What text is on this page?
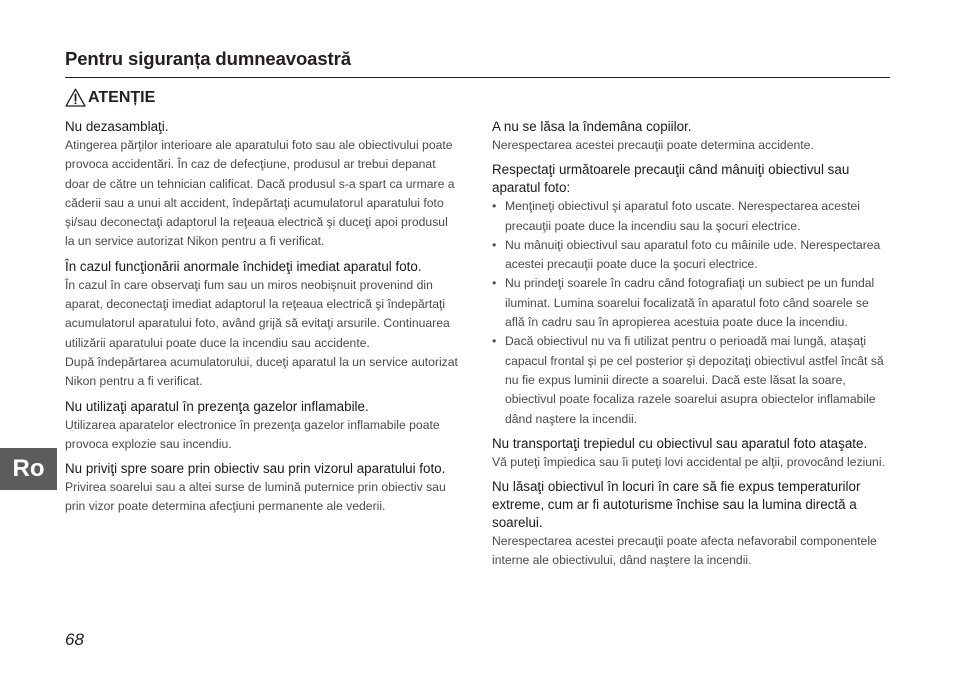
Pentru siguranța dumneavoastră
ATENȚIE
Nu dezasamblaţi.
Atingerea părţilor interioare ale aparatului foto sau ale obiectivului poate provoca accidentări. În caz de defecţiune, produsul ar trebui depanat doar de către un tehnician calificat. Dacă produsul s-a spart ca urmare a căderii sau a unui alt accident, îndepărtaţi acumulatorul aparatului foto şi/sau deconectaţi adaptorul la reţeaua electrică şi duceţi apoi produsul la un service autorizat Nikon pentru a fi verificat.
În cazul funcţionării anormale închideţi imediat aparatul foto.
În cazul în care observaţi fum sau un miros neobişnuit provenind din aparat, deconectaţi imediat adaptorul la reţeaua electrică şi îndepărtaţi acumulatorul aparatului foto, având grijă să evitaţi arsurile. Continuarea utilizării aparatului poate duce la incendiu sau accidente.
După îndepărtarea acumulatorului, duceţi aparatul la un service autorizat Nikon pentru a fi verificat.
Nu utilizaţi aparatul în prezenţa gazelor inflamabile.
Utilizarea aparatelor electronice în prezenţa gazelor inflamabile poate provoca explozie sau incendiu.
Nu priviţi spre soare prin obiectiv sau prin vizorul aparatului foto.
Privirea soarelui sau a altei surse de lumină puternice prin obiectiv sau prin vizor poate determina afecţiuni permanente ale vederii.
A nu se lăsa la îndemâna copiilor.
Nerespectarea acestei precauţii poate determina accidente.
Respectaţi următoarele precauţii când mânuiţi obiectivul sau aparatul foto:
• Menţineţi obiectivul şi aparatul foto uscate. Nerespectarea acestei precauţii poate duce la incendiu sau la şocuri electrice.
• Nu mânuiţi obiectivul sau aparatul foto cu mâinile ude. Nerespectarea acestei precauţii poate duce la şocuri electrice.
• Nu prindeţi soarele în cadru când fotografiaţi un subiect pe un fundal iluminat. Lumina soarelui focalizată în aparatul foto când soarele se află în cadru sau în apropierea acestuia poate duce la incendiu.
• Dacă obiectivul nu va fi utilizat pentru o perioadă mai lungă, ataşaţi capacul frontal şi pe cel posterior şi depozitaţi obiectivul astfel încât să nu fie expus luminii directe a soarelui. Dacă este lăsat la soare, obiectivul poate focaliza razele soarelui asupra obiectelor inflamabile dând naştere la incendii.
Nu transportaţi trepiedul cu obiectivul sau aparatul foto ataşate.
Vă puteţi împiedica sau îi puteţi lovi accidental pe alţii, provocând leziuni.
Nu lăsaţi obiectivul în locuri în care să fie expus temperaturilor extreme, cum ar fi autoturisme închise sau la lumina directă a soarelui.
Nerespectarea acestei precauţii poate afecta nefavorabil componentele interne ale obiectivului, dând naştere la incendii.
Ro
68
